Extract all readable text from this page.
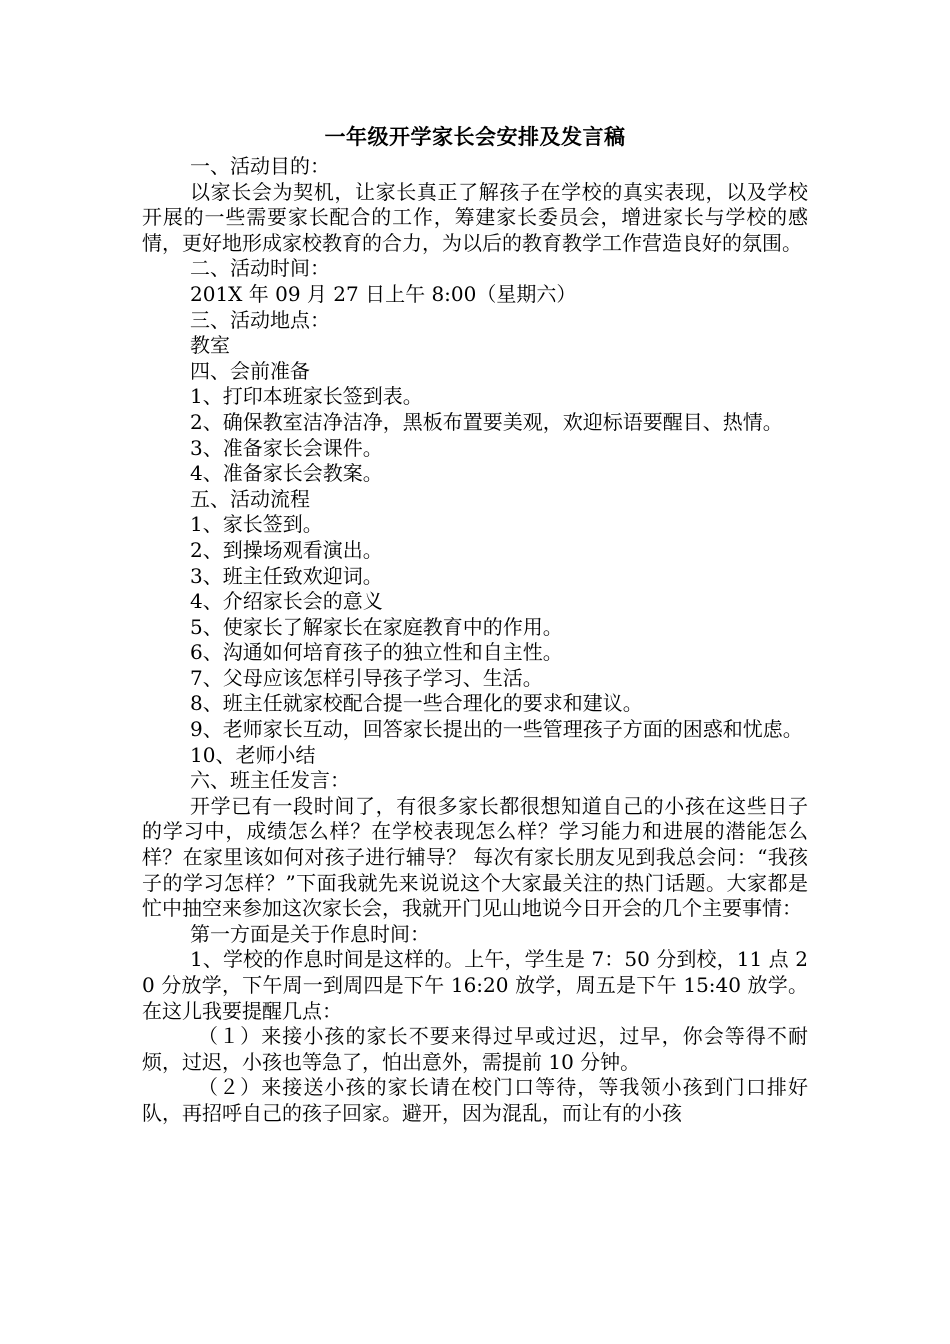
一年级开学家长会安排及发言稿

一、活动目的：

以家长会为契机，让家长真正了解孩子在学校的真实表现，以及学校开展的一些需要家长配合的工作，筹建家长委员会，增进家长与学校的感情，更好地形成家校教育的合力，为以后的教育教学工作营造良好的氛围。

二、活动时间：

201X 年 09 月 27 日上午 8:00（星期六）

三、活动地点：

教室

四、会前准备

1、打印本班家长签到表。

2、确保教室洁净洁净，黑板布置要美观，欢迎标语要醒目、热情。

3、准备家长会课件。

4、准备家长会教案。

五、活动流程

1、家长签到。

2、到操场观看演出。

3、班主任致欢迎词。

4、介绍家长会的意义

5、使家长了解家长在家庭教育中的作用。

6、沟通如何培育孩子的独立性和自主性。

7、父母应该怎样引导孩子学习、生活。

8、班主任就家校配合提一些合理化的要求和建议。

9、老师家长互动，回答家长提出的一些管理孩子方面的困惑和忧虑。

10、老师小结

六、班主任发言：

开学已有一段时间了，有很多家长都很想知道自己的小孩在这些日子的学习中，成绩怎么样？在学校表现怎么样？学习能力和进展的潜能怎么样？在家里该如何对孩子进行辅导？ 每次有家长朋友见到我总会问：“我孩子的学习怎样？”下面我就先来说说这个大家最关注的热门话题。大家都是忙中抽空来参加这次家长会，我就开门见山地说今日开会的几个主要事情：

第一方面是关于作息时间：

1、学校的作息时间是这样的。上午，学生是 7：50 分到校，11 点 20 分放学，下午周一到周四是下午 16:20 放学，周五是下午 15:40 放学。在这儿我要提醒几点：

（１）来接小孩的家长不要来得过早或过迟，过早，你会等得不耐烦，过迟，小孩也等急了，怕出意外，需提前 10 分钟。

（２）来接送小孩的家长请在校门口等待，等我领小孩到门口排好队，再招呼自己的孩子回家。避开，因为混乱，而让有的小孩
